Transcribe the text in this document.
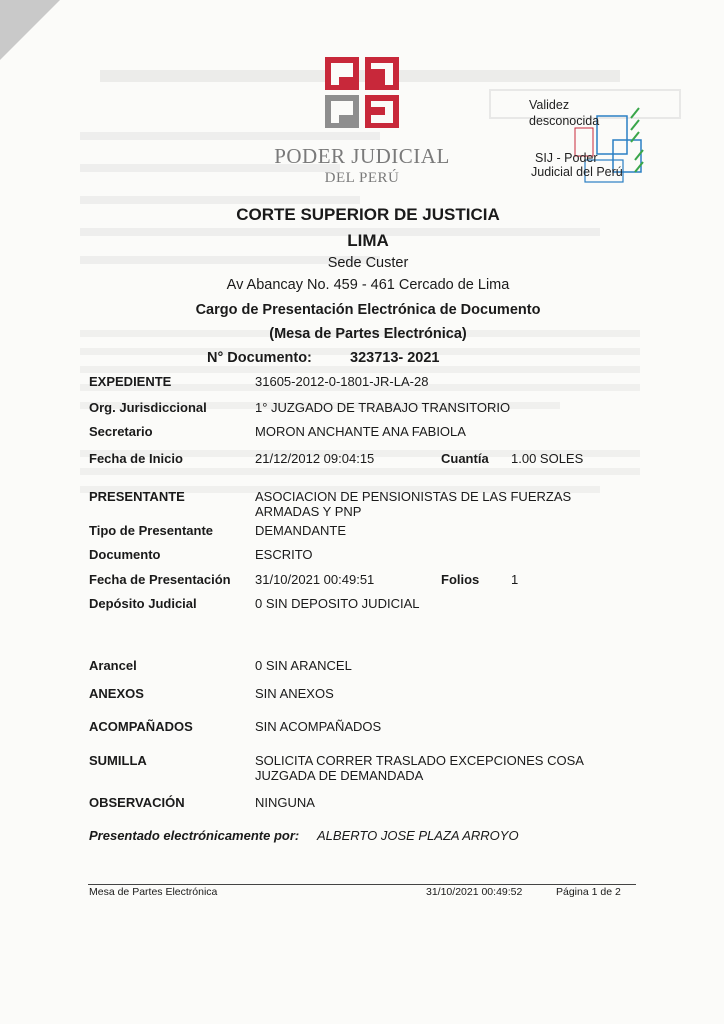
PODER JUDICIAL
DEL PERÚ
Validez
desconocida
SIJ - Poder
Judicial del Perú
CORTE SUPERIOR DE JUSTICIA
LIMA
Sede Custer
Av Abancay No. 459 - 461 Cercado de Lima
Cargo de Presentación Electrónica de Documento
(Mesa de Partes Electrónica)
N° Documento:	323713- 2021
EXPEDIENTE	31605-2012-0-1801-JR-LA-28
Org. Jurisdiccional	1° JUZGADO DE TRABAJO TRANSITORIO
Secretario	MORON ANCHANTE ANA FABIOLA
Fecha de Inicio	21/12/2012 09:04:15	Cuantía 1.00 SOLES
PRESENTANTE	ASOCIACION DE PENSIONISTAS DE LAS FUERZAS
ARMADAS Y PNP
Tipo de Presentante	DEMANDANTE
Documento	ESCRITO
Fecha de Presentación 31/10/2021 00:49:51	Folios 1
Depósito Judicial	0 SIN DEPOSITO JUDICIAL
Arancel	0 SIN ARANCEL
ANEXOS	SIN ANEXOS
ACOMPAÑADOS	SIN ACOMPAÑADOS
SUMILLA	SOLICITA CORRER TRASLADO EXCEPCIONES COSA
JUZGADA DE DEMANDADA
OBSERVACIÓN	NINGUNA
Presentado electrónicamente por: ALBERTO JOSE PLAZA ARROYO
Mesa de Partes Electrónica	31/10/2021 00:49:52	Página 1 de 2
